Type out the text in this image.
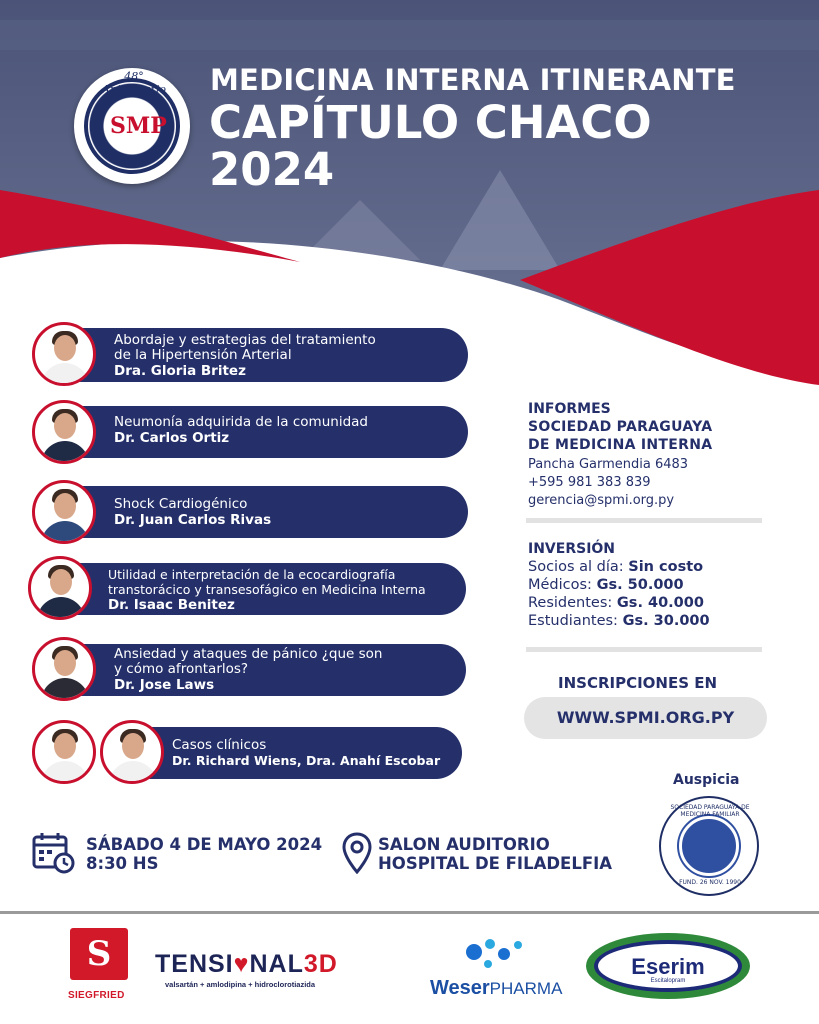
SMP
48° Aniversario MEDICINA INTERNA ITINERANTE
CAPÍTULO CHACO
2024
Abordaje y estrategias del tratamiento
de la Hipertensión Arterial
Dra. Gloria Britez
Neumonía adquirida de la comunidad
Dr. Carlos Ortiz
Shock Cardiogénico
Dr. Juan Carlos Rivas
Utilidad e interpretación de la ecocardiografía
transtorácico y transesofágico en Medicina Interna
Dr. Isaac Benitez
Ansiedad y ataques de pánico ¿que son
y cómo afrontarlos?
Dr. Jose Laws
Casos clínicos
Dr. Richard Wiens, Dra. Anahí Escobar
INFORMES
SOCIEDAD PARAGUAYA
DE MEDICINA INTERNA
Pancha Garmendia 6483
+595 981 383 839
gerencia@spmi.org.py
INVERSIÓN
Socios al día: Sin costo
Médicos: Gs. 50.000
Residentes: Gs. 40.000
Estudiantes: Gs. 30.000
INSCRIPCIONES EN
WWW.SPMI.ORG.PY
Auspicia
SOCIEDAD PARAGUAYA DE MEDICINA FAMILIAR
FUND. 26 NOV. 1990
SÁBADO 4 DE MAYO 2024
8:30 HS
SALON AUDITORIO
HOSPITAL DE FILADELFIA
S
SIEGFRIED
TENSI♥NAL3D
valsartán + amlodipina + hidroclorotiazida	WeserPHARMA
Eserim
Escitalopram
